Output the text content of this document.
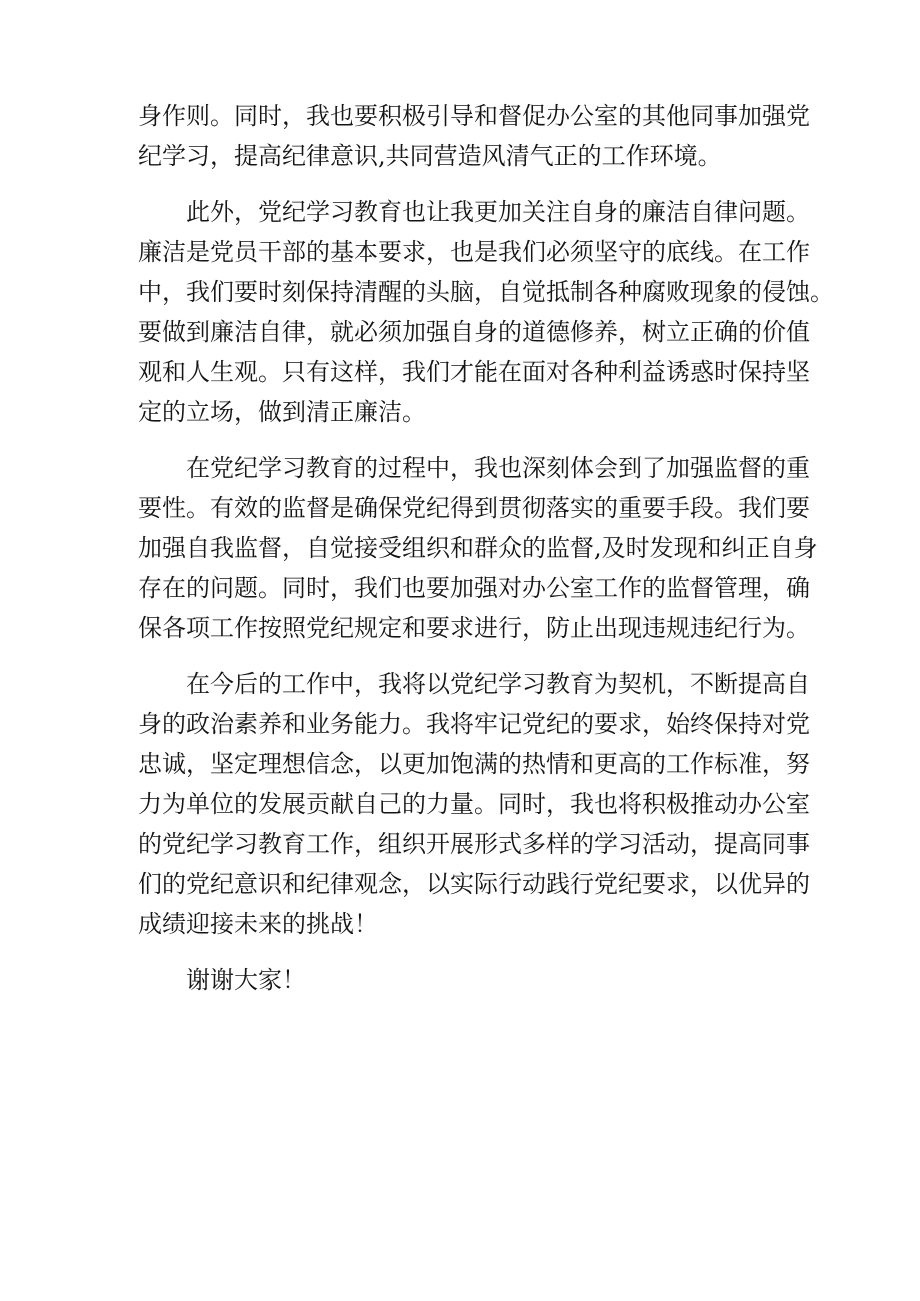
身作则。同时，我也要积极引导和督促办公室的其他同事加强党
纪学习，提高纪律意识,共同营造风清气正的工作环境。
此外，党纪学习教育也让我更加关注自身的廉洁自律问题。
廉洁是党员干部的基本要求，也是我们必须坚守的底线。在工作
中，我们要时刻保持清醒的头脑，自觉抵制各种腐败现象的侵蚀。
要做到廉洁自律，就必须加强自身的道德修养，树立正确的价值
观和人生观。只有这样，我们才能在面对各种利益诱惑时保持坚
定的立场，做到清正廉洁。
在党纪学习教育的过程中，我也深刻体会到了加强监督的重
要性。有效的监督是确保党纪得到贯彻落实的重要手段。我们要
加强自我监督，自觉接受组织和群众的监督,及时发现和纠正自身
存在的问题。同时，我们也要加强对办公室工作的监督管理，确
保各项工作按照党纪规定和要求进行，防止出现违规违纪行为。
在今后的工作中，我将以党纪学习教育为契机，不断提高自
身的政治素养和业务能力。我将牢记党纪的要求，始终保持对党
忠诚，坚定理想信念，以更加饱满的热情和更高的工作标准，努
力为单位的发展贡献自己的力量。同时，我也将积极推动办公室
的党纪学习教育工作，组织开展形式多样的学习活动，提高同事
们的党纪意识和纪律观念，以实际行动践行党纪要求，以优异的
成绩迎接未来的挑战！
谢谢大家！
